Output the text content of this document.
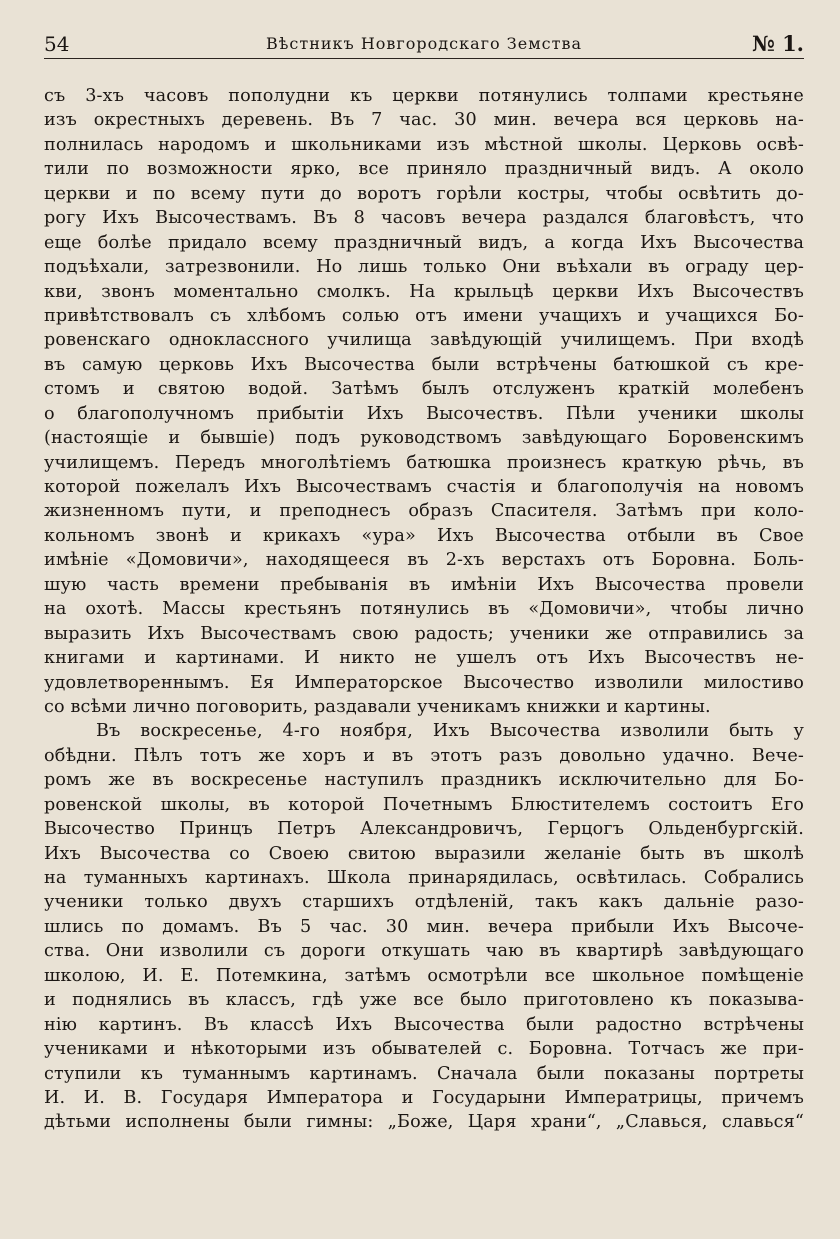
54	Вѣстникъ Новгородскаго Земства	№ 1.
съ 3-хъ часовъ пополудни къ церкви потянулись толпами крестьяне
изъ окрестныхъ деревень. Въ 7 час. 30 мин. вечера вся церковь на-
полнилась народомъ и школьниками изъ мѣстной школы. Церковь освѣ-
тили по возможности ярко, все приняло праздничный видъ. А около
церкви и по всему пути до воротъ горѣли костры, чтобы освѣтить до-
рогу Ихъ Высочествамъ. Въ 8 часовъ вечера раздался благовѣстъ, что
еще болѣе придало всему праздничный видъ, а когда Ихъ Высочества
подъѣхали, затрезвонили. Но лишь только Они въѣхали въ ограду цер-
кви, звонъ моментально смолкъ. На крыльцѣ церкви Ихъ Высочествъ
привѣтствовалъ съ хлѣбомъ солью отъ имени учащихъ и учащихся Бо-
ровенскаго одноклассного училища завѣдующій училищемъ. При входѣ
въ самую церковь Ихъ Высочества были встрѣчены батюшкой съ кре-
стомъ и святою водой. Затѣмъ былъ отслуженъ краткій молебенъ
о благополучномъ прибытіи Ихъ Высочествъ. Пѣли ученики школы
(настоящіе и бывшіе) подъ руководствомъ завѣдующаго Боровенскимъ
училищемъ. Передъ многолѣтіемъ батюшка произнесъ краткую рѣчь, въ
которой пожелалъ Ихъ Высочествамъ счастія и благополучія на новомъ
жизненномъ пути, и преподнесъ образъ Спасителя. Затѣмъ при коло-
кольномъ звонѣ и крикахъ «ура» Ихъ Высочества отбыли въ Свое
имѣніе «Домовичи», находящееся въ 2-хъ верстахъ отъ Боровна. Боль-
шую часть времени пребыванія въ имѣніи Ихъ Высочества провели
на охотѣ. Массы крестьянъ потянулись въ «Домовичи», чтобы лично
выразить Ихъ Высочествамъ свою радость; ученики же отправились за
книгами и картинами. И никто не ушелъ отъ Ихъ Высочествъ не-
удовлетвореннымъ. Ея Императорское Высочество изволили милостиво
со всѣми лично поговорить, раздавали ученикамъ книжки и картины.
Въ воскресенье, 4-го ноября, Ихъ Высочества изволили быть у
обѣдни. Пѣлъ тотъ же хоръ и въ этотъ разъ довольно удачно. Вече-
ромъ же въ воскресенье наступилъ праздникъ исключительно для Бо-
ровенской школы, въ которой Почетнымъ Блюстителемъ состоитъ Его
Высочество Принцъ Петръ Александровичъ, Герцогъ Ольденбургскій.
Ихъ Высочества со Своею свитою выразили желаніе быть въ школѣ
на туманныхъ картинахъ. Школа принарядилась, освѣтилась. Собрались
ученики только двухъ старшихъ отдѣленій, такъ какъ дальніе разо-
шлись по домамъ. Въ 5 час. 30 мин. вечера прибыли Ихъ Высоче-
ства. Они изволили съ дороги откушать чаю въ квартирѣ завѣдующаго
школою, И. Е. Потемкина, затѣмъ осмотрѣли все школьное помѣщеніе
и поднялись въ классъ, гдѣ уже все было приготовлено къ показыва-
нію картинъ. Въ классѣ Ихъ Высочества были радостно встрѣчены
учениками и нѣкоторыми изъ обывателей с. Боровна. Тотчасъ же при-
ступили къ туманнымъ картинамъ. Сначала были показаны портреты
И. И. В. Государя Императора и Государыни Императрицы, причемъ
дѣтьми исполнены были гимны: „Боже, Царя храни“, „Славься, славься“
